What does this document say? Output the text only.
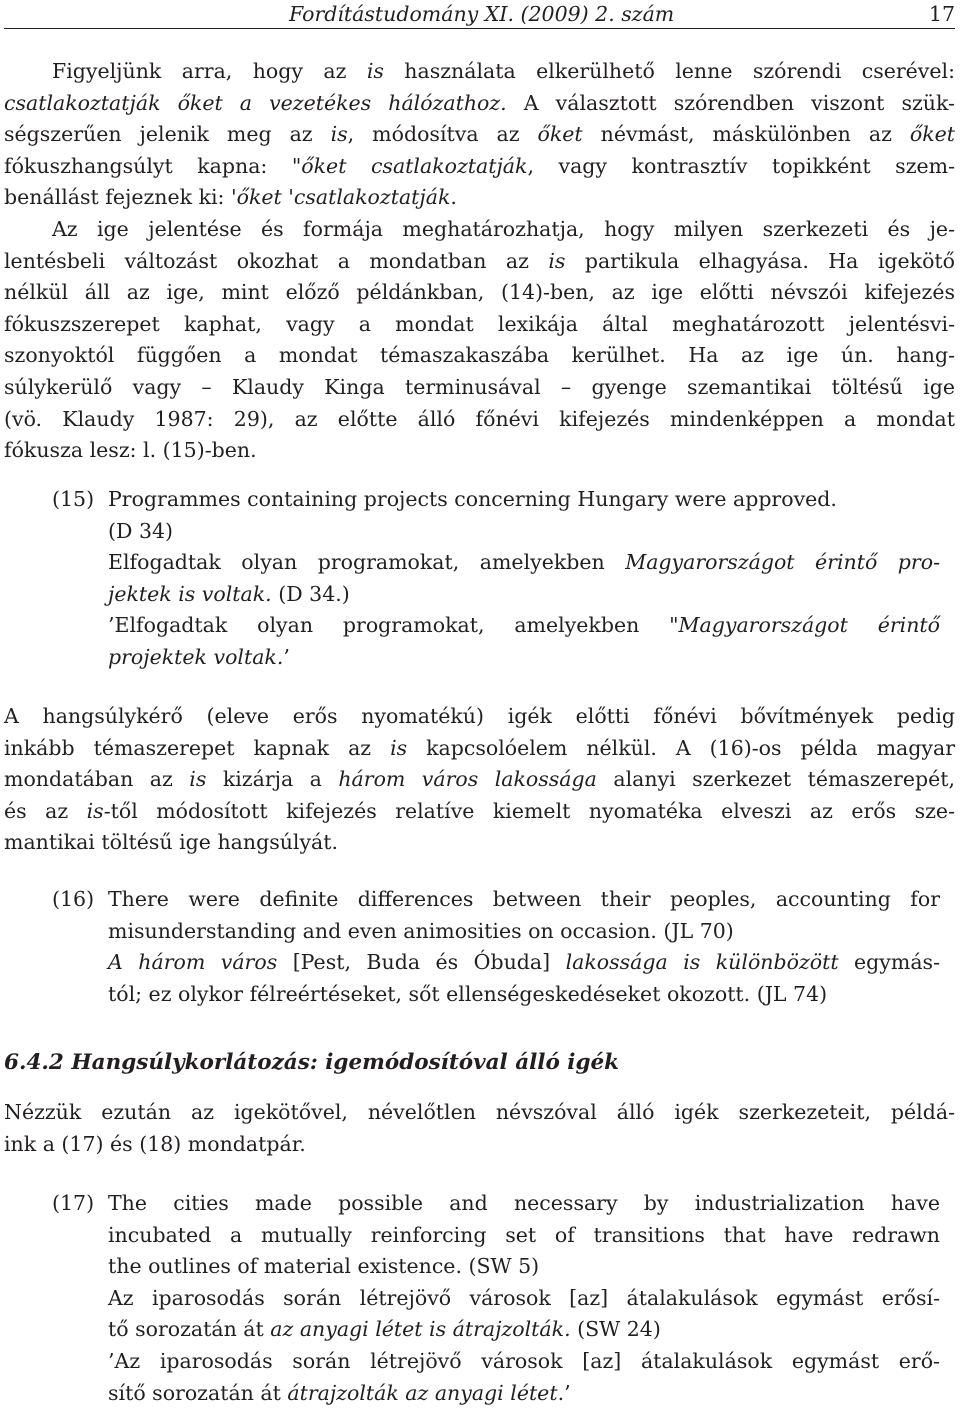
Fordítástudomány XI. (2009) 2. szám	17
Figyeljünk arra, hogy az is használata elkerülhető lenne szórendi cserével:
csatlakoztatják őket a vezetékes hálózathoz. A választott szórendben viszont szük-
ségszerűen jelenik meg az is, módosítva az őket névmást, máskülönben az őket
fókuszhangsúlyt kapna: "őket csatlakoztatják, vagy kontrasztív topikként szem-
benállást fejeznek ki: 'őket 'csatlakoztatják.
Az ige jelentése és formája meghatározhatja, hogy milyen szerkezeti és je-
lentésbeli változást okozhat a mondatban az is partikula elhagyása. Ha igekötő
nélkül áll az ige, mint előző példánkban, (14)-ben, az ige előtti névszói kifejezés
fókuszszerepet kaphat, vagy a mondat lexikája által meghatározott jelentésvi-
szonyoktól függően a mondat témaszakaszába kerülhet. Ha az ige ún. hang-
súlykerülő vagy – Klaudy Kinga terminusával – gyenge szemantikai töltésű ige
(vö. Klaudy 1987: 29), az előtte álló főnévi kifejezés mindenképpen a mondat
fókusza lesz: l. (15)-ben.
(15) Programmes containing projects concerning Hungary were approved.
(D 34)
Elfogadtak olyan programokat, amelyekben Magyarországot érintő pro-
jektek is voltak. (D 34.)
’Elfogadtak olyan programokat, amelyekben "Magyarországot érintő
projektek voltak.’
A hangsúlykérő (eleve erős nyomatékú) igék előtti főnévi bővítmények pedig
inkább témaszerepet kapnak az is kapcsolóelem nélkül. A (16)-os példa magyar
mondatában az is kizárja a három város lakossága alanyi szerkezet témaszerepét,
és az is-től módosított kifejezés relatíve kiemelt nyomatéka elveszi az erős sze-
mantikai töltésű ige hangsúlyát.
(16) There were definite differences between their peoples, accounting for
misunderstanding and even animosities on occasion. (JL 70)
A három város [Pest, Buda és Óbuda] lakossága is különbözött egymás-
tól; ez olykor félreértéseket, sőt ellenségeskedéseket okozott. (JL 74)
6.4.2 Hangsúlykorlátozás: igemódosítóval álló igék
Nézzük ezután az igekötővel, névelőtlen névszóval álló igék szerkezeteit, példá-
ink a (17) és (18) mondatpár.
(17) The cities made possible and necessary by industrialization have
incubated a mutually reinforcing set of transitions that have redrawn
the outlines of material existence. (SW 5)
Az iparosodás során létrejövő városok [az] átalakulások egymást erősí-
tő sorozatán át az anyagi létet is átrajzolták. (SW 24)
’Az iparosodás során létrejövő városok [az] átalakulások egymást erő-
sítő sorozatán át átrajzolták az anyagi létet.’
